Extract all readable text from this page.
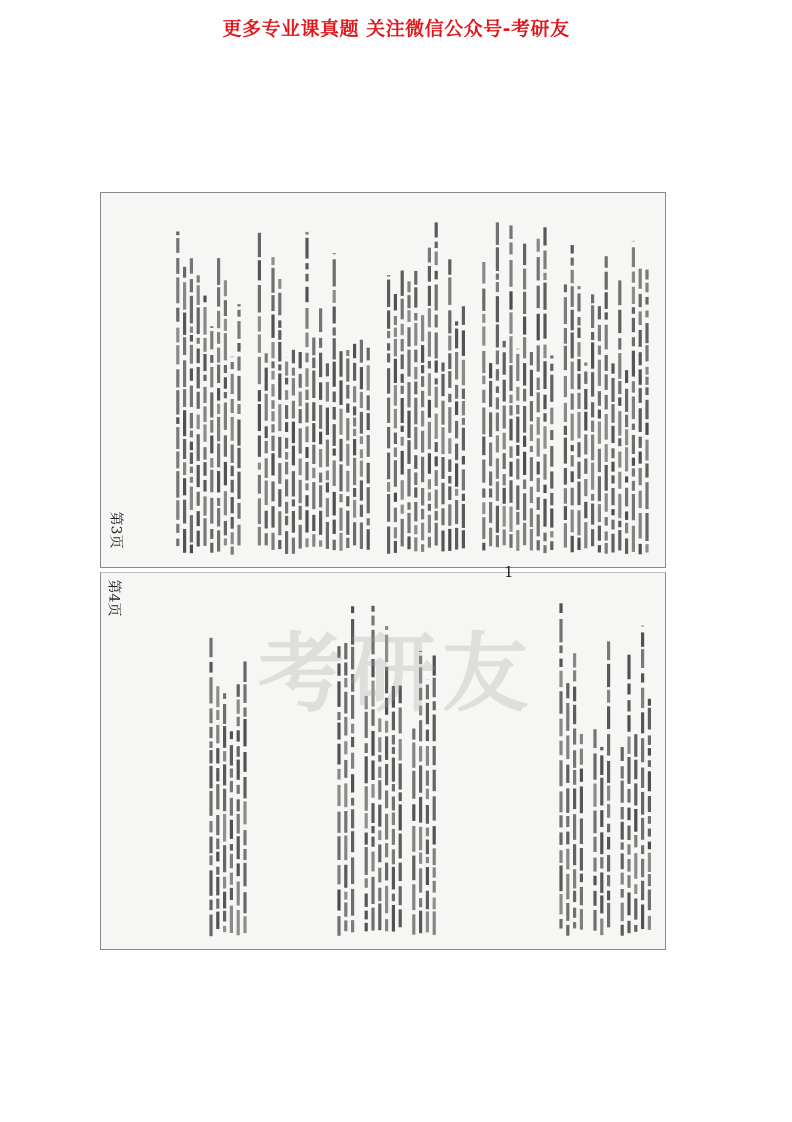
更多专业课真题 关注微信公众号-考研友
第3页
第4页
1
考研友
